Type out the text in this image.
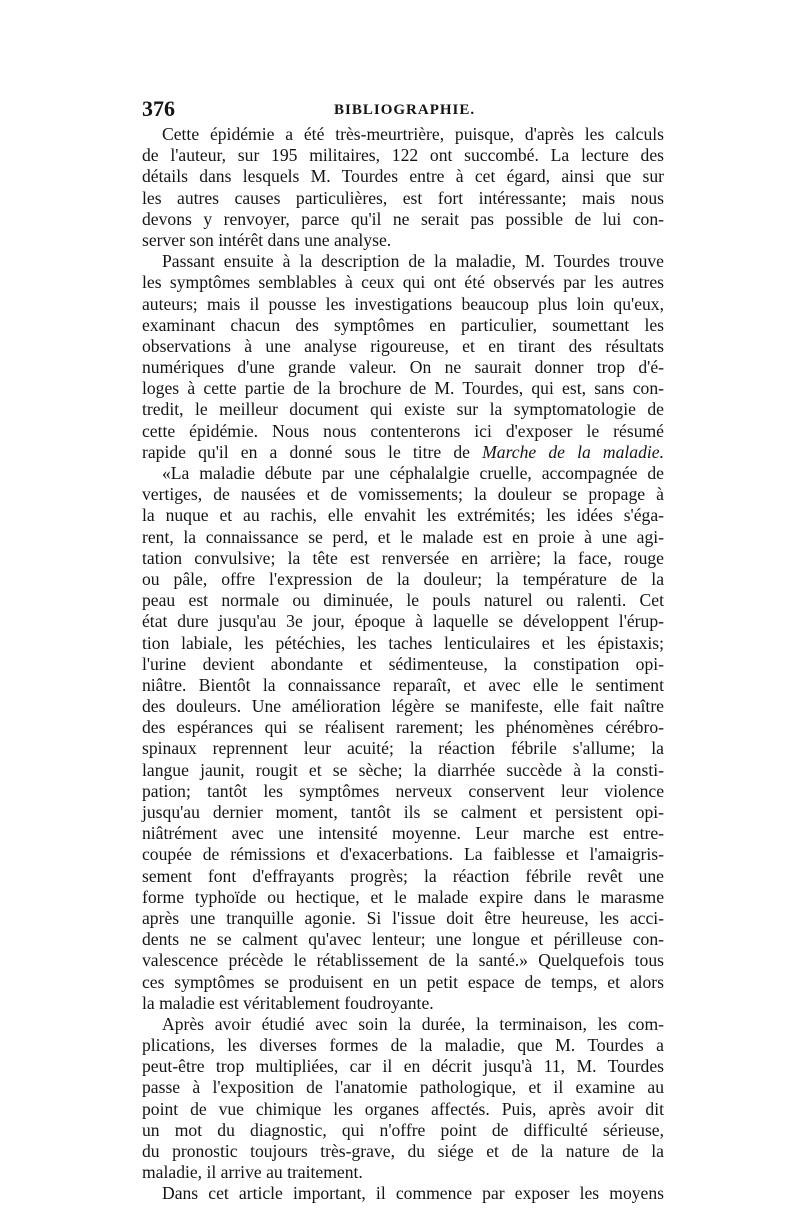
376	BIBLIOGRAPHIE.
Cette épidémie a été très-meurtrière, puisque, d'après les calculs
de l'auteur, sur 195 militaires, 122 ont succombé. La lecture des
détails dans lesquels M. Tourdes entre à cet égard, ainsi que sur
les autres causes particulières, est fort intéressante; mais nous
devons y renvoyer, parce qu'il ne serait pas possible de lui con-
server son intérêt dans une analyse.
Passant ensuite à la description de la maladie, M. Tourdes trouve
les symptômes semblables à ceux qui ont été observés par les autres
auteurs; mais il pousse les investigations beaucoup plus loin qu'eux,
examinant chacun des symptômes en particulier, soumettant les
observations à une analyse rigoureuse, et en tirant des résultats
numériques d'une grande valeur. On ne saurait donner trop d'é-
loges à cette partie de la brochure de M. Tourdes, qui est, sans con-
tredit, le meilleur document qui existe sur la symptomatologie de
cette épidémie. Nous nous contenterons ici d'exposer le résumé
rapide qu'il en a donné sous le titre de Marche de la maladie.
«La maladie débute par une céphalalgie cruelle, accompagnée de
vertiges, de nausées et de vomissements; la douleur se propage à
la nuque et au rachis, elle envahit les extrémités; les idées s'éga-
rent, la connaissance se perd, et le malade est en proie à une agi-
tation convulsive; la tête est renversée en arrière; la face, rouge
ou pâle, offre l'expression de la douleur; la température de la
peau est normale ou diminuée, le pouls naturel ou ralenti. Cet
état dure jusqu'au 3e jour, époque à laquelle se développent l'érup-
tion labiale, les pétéchies, les taches lenticulaires et les épistaxis;
l'urine devient abondante et sédimenteuse, la constipation opi-
niâtre. Bientôt la connaissance reparaît, et avec elle le sentiment
des douleurs. Une amélioration légère se manifeste, elle fait naître
des espérances qui se réalisent rarement; les phénomènes cérébro-
spinaux reprennent leur acuité; la réaction fébrile s'allume; la
langue jaunit, rougit et se sèche; la diarrhée succède à la consti-
pation; tantôt les symptômes nerveux conservent leur violence
jusqu'au dernier moment, tantôt ils se calment et persistent opi-
niâtrément avec une intensité moyenne. Leur marche est entre-
coupée de rémissions et d'exacerbations. La faiblesse et l'amaigris-
sement font d'effrayants progrès; la réaction fébrile revêt une
forme typhoïde ou hectique, et le malade expire dans le marasme
après une tranquille agonie. Si l'issue doit être heureuse, les acci-
dents ne se calment qu'avec lenteur; une longue et périlleuse con-
valescence précède le rétablissement de la santé.» Quelquefois tous
ces symptômes se produisent en un petit espace de temps, et alors
la maladie est véritablement foudroyante.
Après avoir étudié avec soin la durée, la terminaison, les com-
plications, les diverses formes de la maladie, que M. Tourdes a
peut-être trop multipliées, car il en décrit jusqu'à 11, M. Tourdes
passe à l'exposition de l'anatomie pathologique, et il examine au
point de vue chimique les organes affectés. Puis, après avoir dit
un mot du diagnostic, qui n'offre point de difficulté sérieuse,
du pronostic toujours très-grave, du siége et de la nature de la
maladie, il arrive au traitement.
Dans cet article important, il commence par exposer les moyens
